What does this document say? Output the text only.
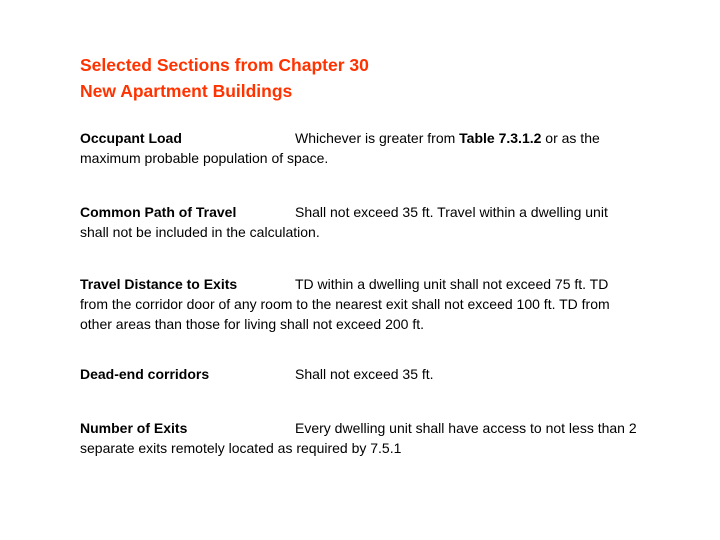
Selected Sections from Chapter 30
New Apartment Buildings
Occupant Load	Whichever is greater from Table 7.3.1.2 or as the maximum probable population of space.
Common Path of Travel	Shall not exceed 35 ft. Travel within a dwelling unit shall not be included in the calculation.
Travel Distance to Exits	TD within a dwelling unit shall not exceed 75 ft. TD from the corridor door of any room to the nearest exit shall not exceed 100 ft. TD from other areas than those for living shall not exceed 200 ft.
Dead-end corridors	Shall not exceed 35 ft.
Number of Exits	Every dwelling unit shall have access to not less than 2 separate exits remotely located as required by 7.5.1
